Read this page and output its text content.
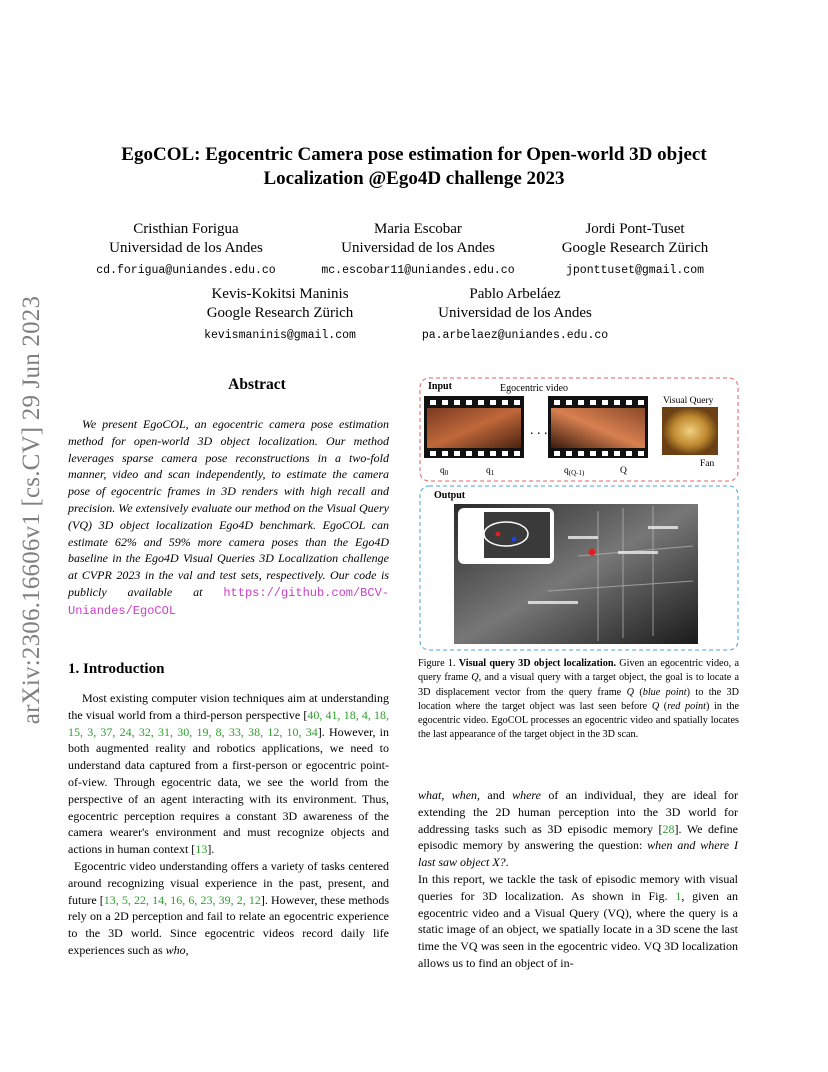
arXiv:2306.16606v1 [cs.CV] 29 Jun 2023
EgoCOL: Egocentric Camera pose estimation for Open-world 3D object
Localization @Ego4D challenge 2023
Cristhian Forigua
Universidad de los Andes
cd.forigua@uniandes.edu.co
Maria Escobar
Universidad de los Andes
mc.escobar11@uniandes.edu.co
Jordi Pont-Tuset
Google Research Zürich
jponttuset@gmail.com
Kevis-Kokitsi Maninis
Google Research Zürich
kevismaninis@gmail.com
Pablo Arbeláez
Universidad de los Andes
pa.arbelaez@uniandes.edu.co
Abstract
We present EgoCOL, an egocentric camera pose estimation method for open-world 3D object localization. Our method leverages sparse camera pose reconstructions in a two-fold manner, video and scan independently, to estimate the camera pose of egocentric frames in 3D renders with high recall and precision. We extensively evaluate our method on the Visual Query (VQ) 3D object localization Ego4D benchmark. EgoCOL can estimate 62% and 59% more camera poses than the Ego4D baseline in the Ego4D Visual Queries 3D Localization challenge at CVPR 2023 in the val and test sets, respectively. Our code is publicly available at https://github.com/BCV-Uniandes/EgoCOL
1. Introduction

Most existing computer vision techniques aim at understanding the visual world from a third-person perspective [40, 41, 18, 4, 18, 15, 3, 37, 24, 32, 31, 30, 19, 8, 33, 38, 12, 10, 34]. However, in both augmented reality and robotics applications, we need to understand data captured from a first-person or egocentric point-of-view. Through egocentric data, we see the world from the perspective of an agent interacting with its environment. Thus, egocentric perception requires a constant 3D awareness of the camera wearer's environment and must recognize objects and actions in human context [13].

Egocentric video understanding offers a variety of tasks centered around recognizing visual experience in the past, present, and future [13, 5, 22, 14, 16, 6, 23, 39, 2, 12]. However, these methods rely on a 2D perception and fail to relate an egocentric experience to the 3D world. Since egocentric videos record daily life experiences such as who,

what, when, and where of an individual, they are ideal for extending the 2D human perception into the 3D world for addressing tasks such as 3D episodic memory [28]. We define episodic memory by answering the question: when and where I last saw object X?.

In this report, we tackle the task of episodic memory with visual queries for 3D localization. As shown in Fig. 1, given an egocentric video and a Visual Query (VQ), where the query is a static image of an object, we spatially locate in a 3D scene the last time the VQ was seen in the egocentric video. VQ 3D localization allows us to find an object of in-

Input	Egocentric video
Visual Query
. . .
Fan
$q_0$	$q_1$	$q_{(Q-1)}$	Q
Output
Figure 1. Visual query 3D object localization. Given an egocentric video, a query frame Q, and a visual query with a target object, the goal is to locate a 3D displacement vector from the query frame Q (blue point) to the 3D location where the target object was last seen before Q (red point) in the egocentric video. EgoCOL processes an egocentric video and spatially locates the last appearance of the target object in the 3D scan.
